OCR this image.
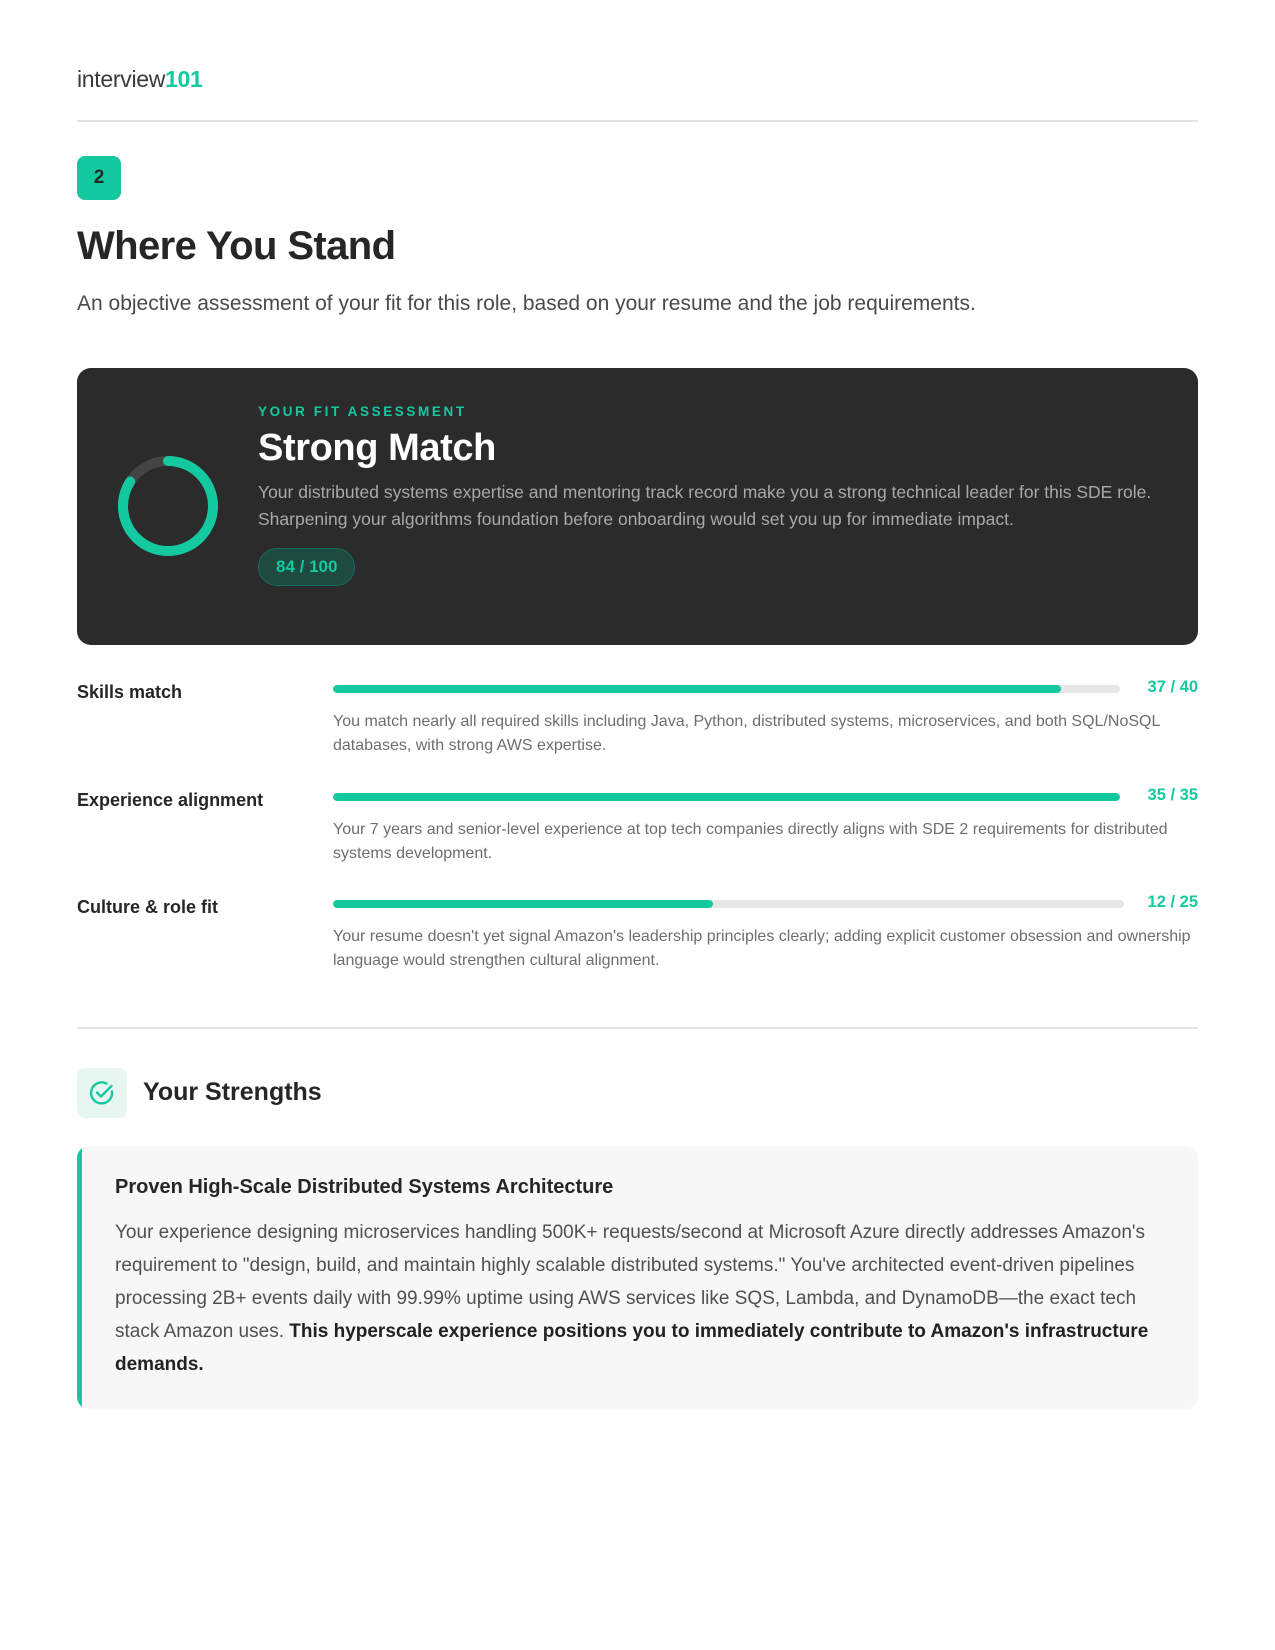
interview101
2
Where You Stand

An objective assessment of your fit for this role, based on your resume and the job requirements.

YOUR FIT ASSESSMENT
Strong Match
Your distributed systems expertise and mentoring track record make you a strong technical leader for this SDE role. Sharpening your algorithms foundation before onboarding would set you up for immediate impact.
84 / 100
Skills match	37 / 40
You match nearly all required skills including Java, Python, distributed systems, microservices, and both SQL/NoSQL databases, with strong AWS expertise.
Experience alignment	35 / 35
Your 7 years and senior-level experience at top tech companies directly aligns with SDE 2 requirements for distributed systems development.
Culture & role fit	12 / 25
Your resume doesn't yet signal Amazon's leadership principles clearly; adding explicit customer obsession and ownership language would strengthen cultural alignment.
Your Strengths
Proven High-Scale Distributed Systems Architecture

Your experience designing microservices handling 500K+ requests/second at Microsoft Azure directly addresses Amazon's requirement to "design, build, and maintain highly scalable distributed systems." You've architected event-driven pipelines processing 2B+ events daily with 99.99% uptime using AWS services like SQS, Lambda, and DynamoDB—the exact tech stack Amazon uses. This hyperscale experience positions you to immediately contribute to Amazon's infrastructure demands.
